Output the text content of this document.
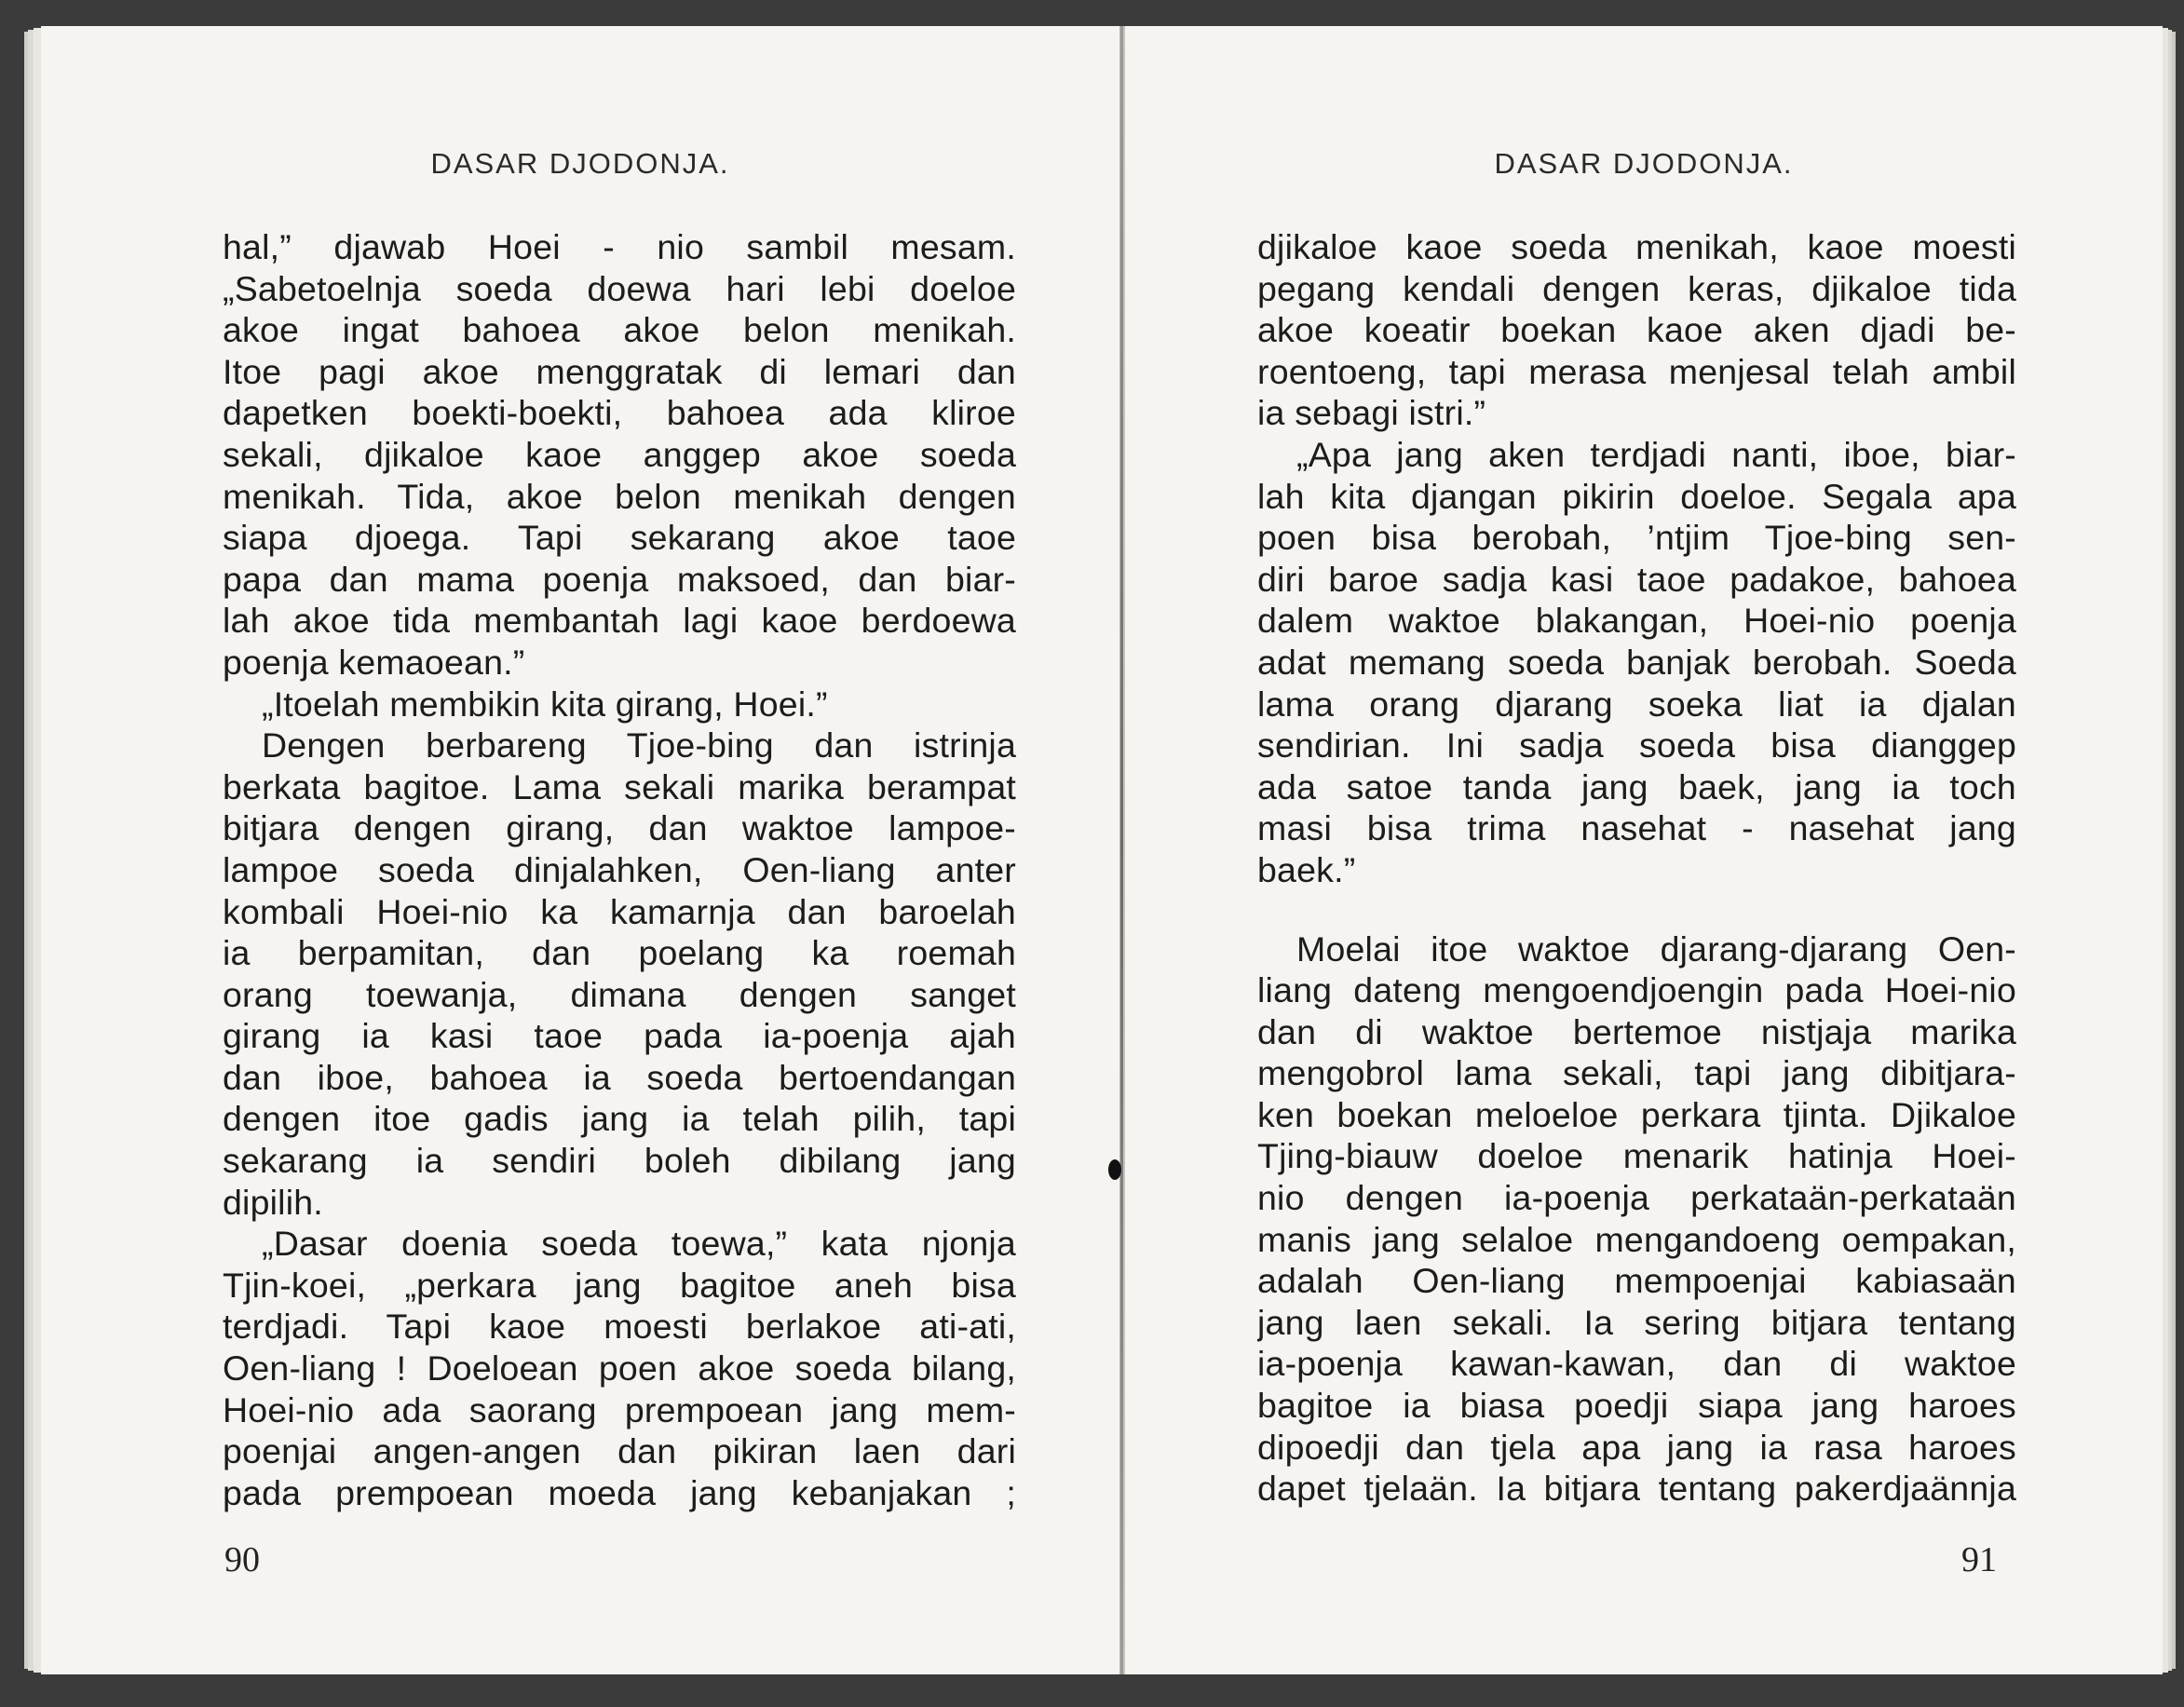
DASAR DJODONJA.
hal,” djawab Hoei - nio sambil mesam.
„Sabetoelnja soeda doewa hari lebi doeloe
akoe ingat bahoea akoe belon menikah.
Itoe pagi akoe menggratak di lemari dan
dapetken boekti-boekti, bahoea ada kliroe
sekali, djikaloe kaoe anggep akoe soeda
menikah. Tida, akoe belon menikah dengen
siapa djoega. Tapi sekarang akoe taoe
papa dan mama poenja maksoed, dan biar-
lah akoe tida membantah lagi kaoe berdoewa
poenja kemaoean.”
„Itoelah membikin kita girang, Hoei.”
Dengen berbareng Tjoe-bing dan istrinja
berkata bagitoe. Lama sekali marika berampat
bitjara dengen girang, dan waktoe lampoe-
lampoe soeda dinjalahken, Oen-liang anter
kombali Hoei-nio ka kamarnja dan baroelah
ia berpamitan, dan poelang ka roemah
orang toewanja, dimana dengen sanget
girang ia kasi taoe pada ia-poenja ajah
dan iboe, bahoea ia soeda bertoendangan
dengen itoe gadis jang ia telah pilih, tapi
sekarang ia sendiri boleh dibilang jang
dipilih.
„Dasar doenia soeda toewa,” kata njonja
Tjin-koei, „perkara jang bagitoe aneh bisa
terdjadi. Tapi kaoe moesti berlakoe ati-ati,
Oen-liang ! Doeloean poen akoe soeda bilang,
Hoei-nio ada saorang prempoean jang mem-
poenjai angen-angen dan pikiran laen dari
pada prempoean moeda jang kebanjakan ;
90
DASAR DJODONJA.
djikaloe kaoe soeda menikah, kaoe moesti
pegang kendali dengen keras, djikaloe tida
akoe koeatir boekan kaoe aken djadi be-
roentoeng, tapi merasa menjesal telah ambil
ia sebagi istri.”
„Apa jang aken terdjadi nanti, iboe, biar-
lah kita djangan pikirin doeloe. Segala apa
poen bisa berobah, ’ntjim Tjoe-bing sen-
diri baroe sadja kasi taoe padakoe, bahoea
dalem waktoe blakangan, Hoei-nio poenja
adat memang soeda banjak berobah. Soeda
lama orang djarang soeka liat ia djalan
sendirian. Ini sadja soeda bisa dianggep
ada satoe tanda jang baek, jang ia toch
masi bisa trima nasehat - nasehat jang
baek.”
Moelai itoe waktoe djarang-djarang Oen-
liang dateng mengoendjoengin pada Hoei-nio
dan di waktoe bertemoe nistjaja marika
mengobrol lama sekali, tapi jang dibitjara-
ken boekan meloeloe perkara tjinta. Djikaloe
Tjing-biauw doeloe menarik hatinja Hoei-
nio dengen ia-poenja perkataän-perkataän
manis jang selaloe mengandoeng oempakan,
adalah Oen-liang mempoenjai kabiasaän
jang laen sekali. Ia sering bitjara tentang
ia-poenja kawan-kawan, dan di waktoe
bagitoe ia biasa poedji siapa jang haroes
dipoedji dan tjela apa jang ia rasa haroes
dapet tjelaän. Ia bitjara tentang pakerdjaännja
91
